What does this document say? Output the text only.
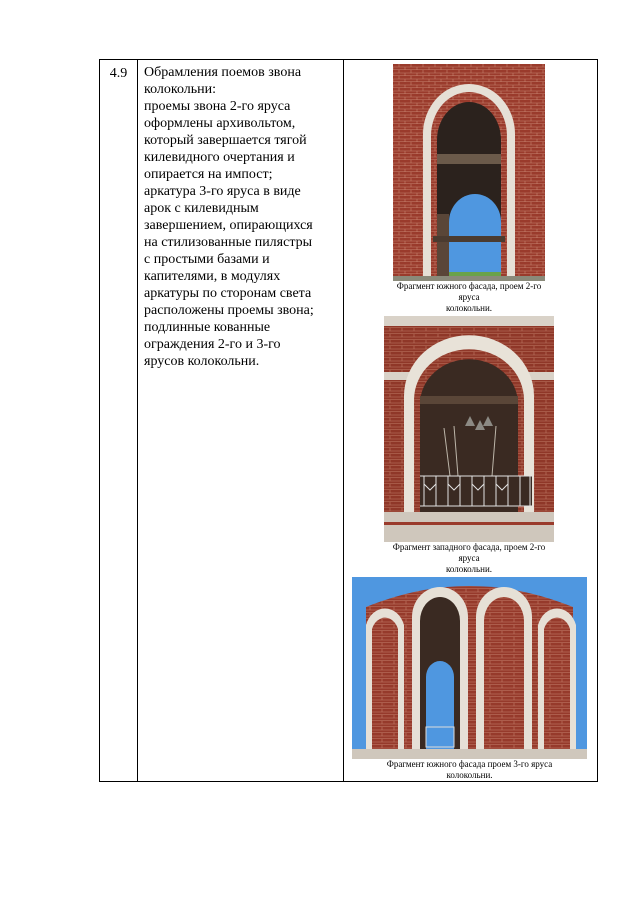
4.9	Обрамления поемов звона

колокольни:

проемы звона 2-го яруса

оформлены архивольтом,

который завершается тягой

килевидного очертания и

опирается на импост;

аркатура 3-го яруса в виде

арок с килевидным

завершением, опирающихся

на стилизованные пилястры

с простыми базами и

капителями, в модулях

аркатуры по сторонам света

расположены проемы звона;

подлинные кованные

ограждения 2-го и 3-го

ярусов колокольни.

Фрагмент южного фасада, проем 2-го яруса

колокольни.

Фрагмент западного фасада, проем 2-го яруса

колокольни.

Фрагмент южного фасада проем 3-го яруса

колокольни.
